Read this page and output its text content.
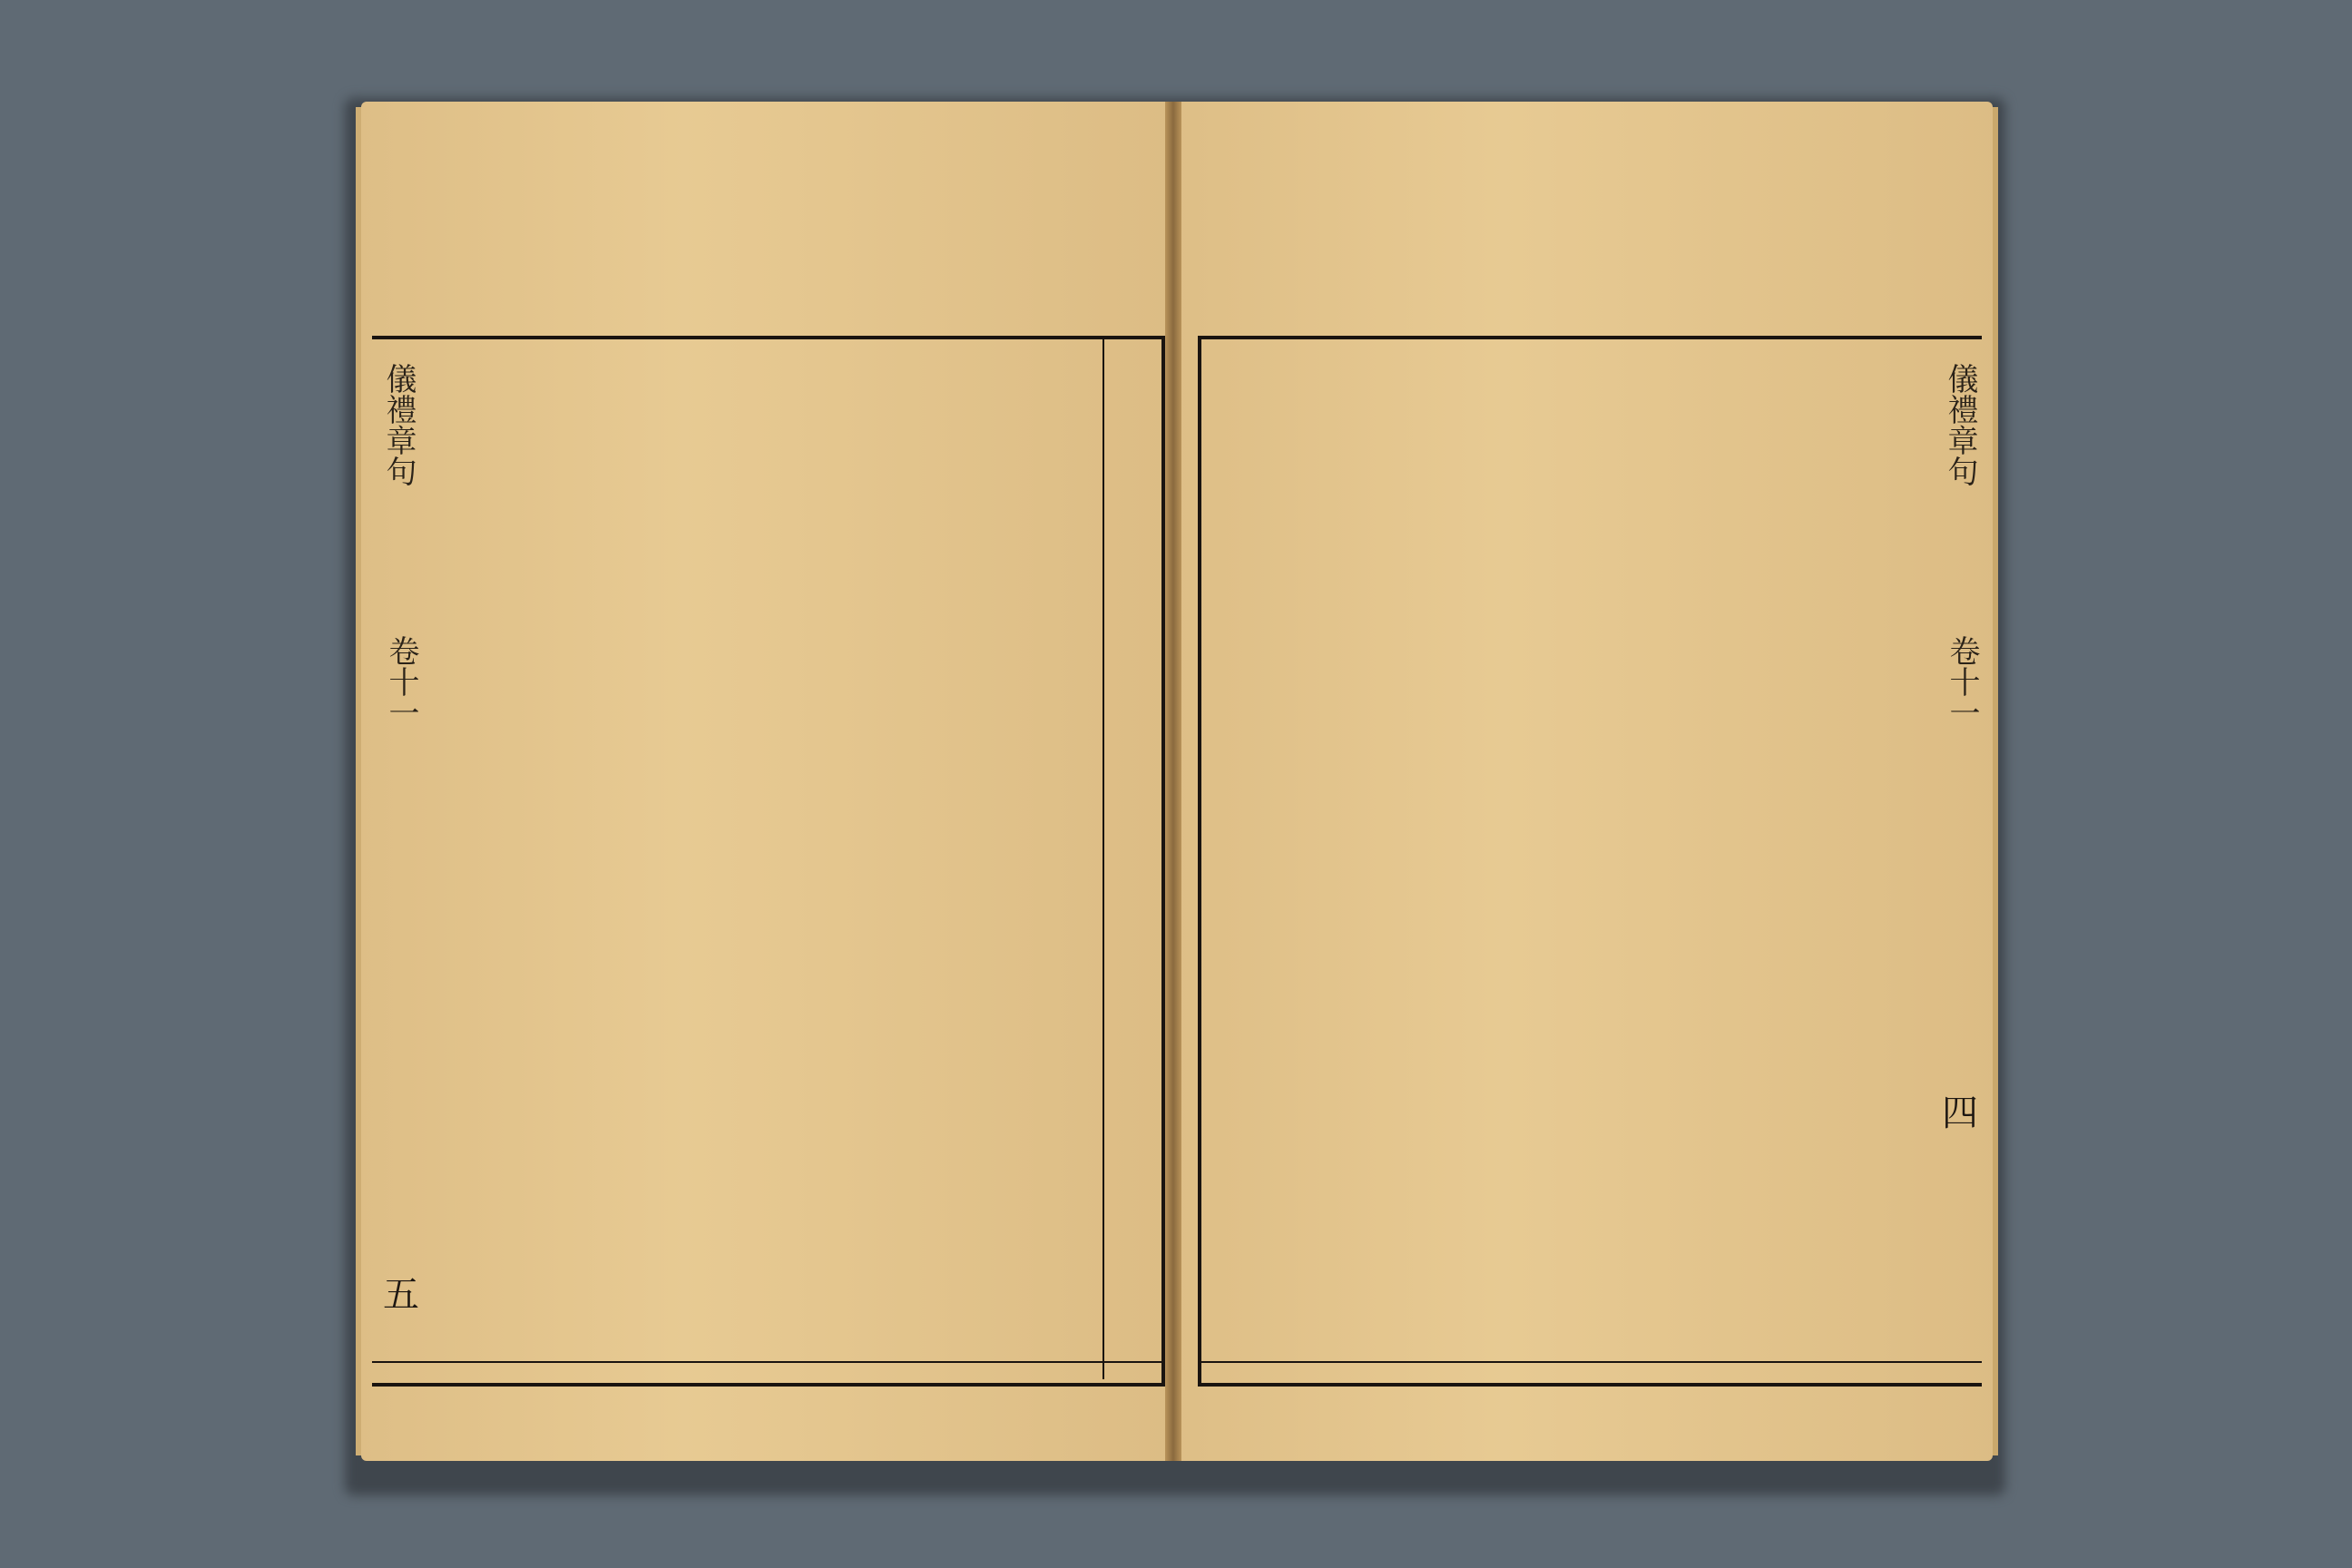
儀禮章句
卷十一
五
儀禮章句
卷十一
四
